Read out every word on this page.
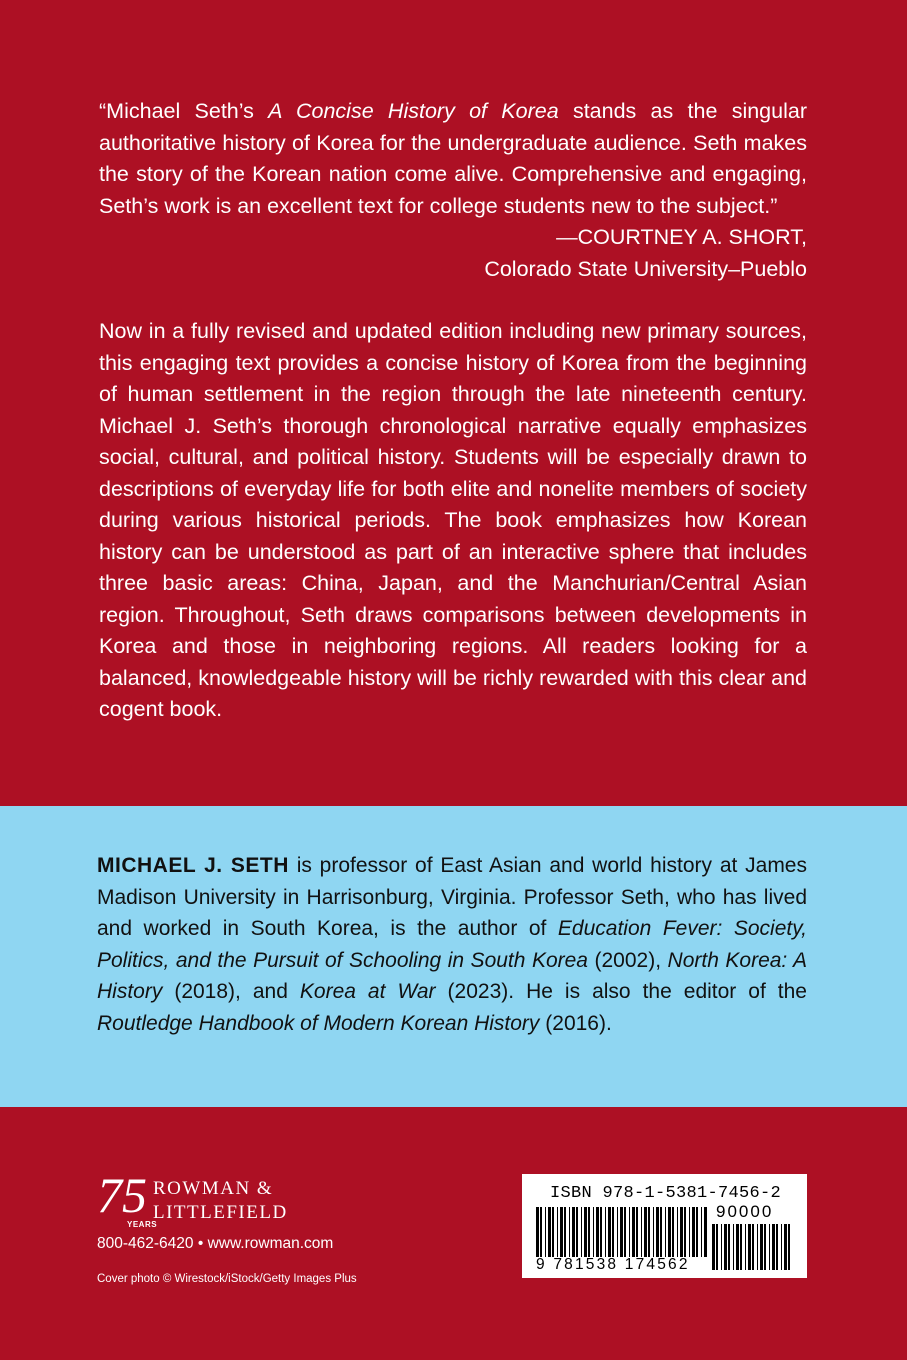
“Michael Seth’s A Concise History of Korea stands as the singular authoritative history of Korea for the undergraduate audience. Seth makes the story of the Korean nation come alive. Comprehensive and engaging, Seth’s work is an excellent text for college students new to the subject.”
—COURTNEY A. SHORT,
Colorado State University–Pueblo
Now in a fully revised and updated edition including new primary sources, this engaging text provides a concise history of Korea from the beginning of human settlement in the region through the late nineteenth century. Michael J. Seth’s thorough chronological narrative equally emphasizes social, cultural, and political history. Students will be especially drawn to descriptions of everyday life for both elite and nonelite members of society during various historical periods. The book emphasizes how Korean history can be understood as part of an interactive sphere that includes three basic areas: China, Japan, and the Manchurian/Central Asian region. Throughout, Seth draws comparisons between developments in Korea and those in neighboring regions. All readers looking for a balanced, knowledgeable history will be richly rewarded with this clear and cogent book.
MICHAEL J. SETH is professor of East Asian and world history at James Madison University in Harrisonburg, Virginia. Professor Seth, who has lived and worked in South Korea, is the author of Education Fever: Society, Politics, and the Pursuit of Schooling in South Korea (2002), North Korea: A History (2018), and Korea at War (2023). He is also the editor of the Routledge Handbook of Modern Korean History (2016).
75
YEARS
ROWMAN &
LITTLEFIELD
800-462-6420 • www.rowman.com
Cover photo © Wirestock/iStock/Getty Images Plus
ISBN 978-1-5381-7456-2
9 781538 174562
90000
